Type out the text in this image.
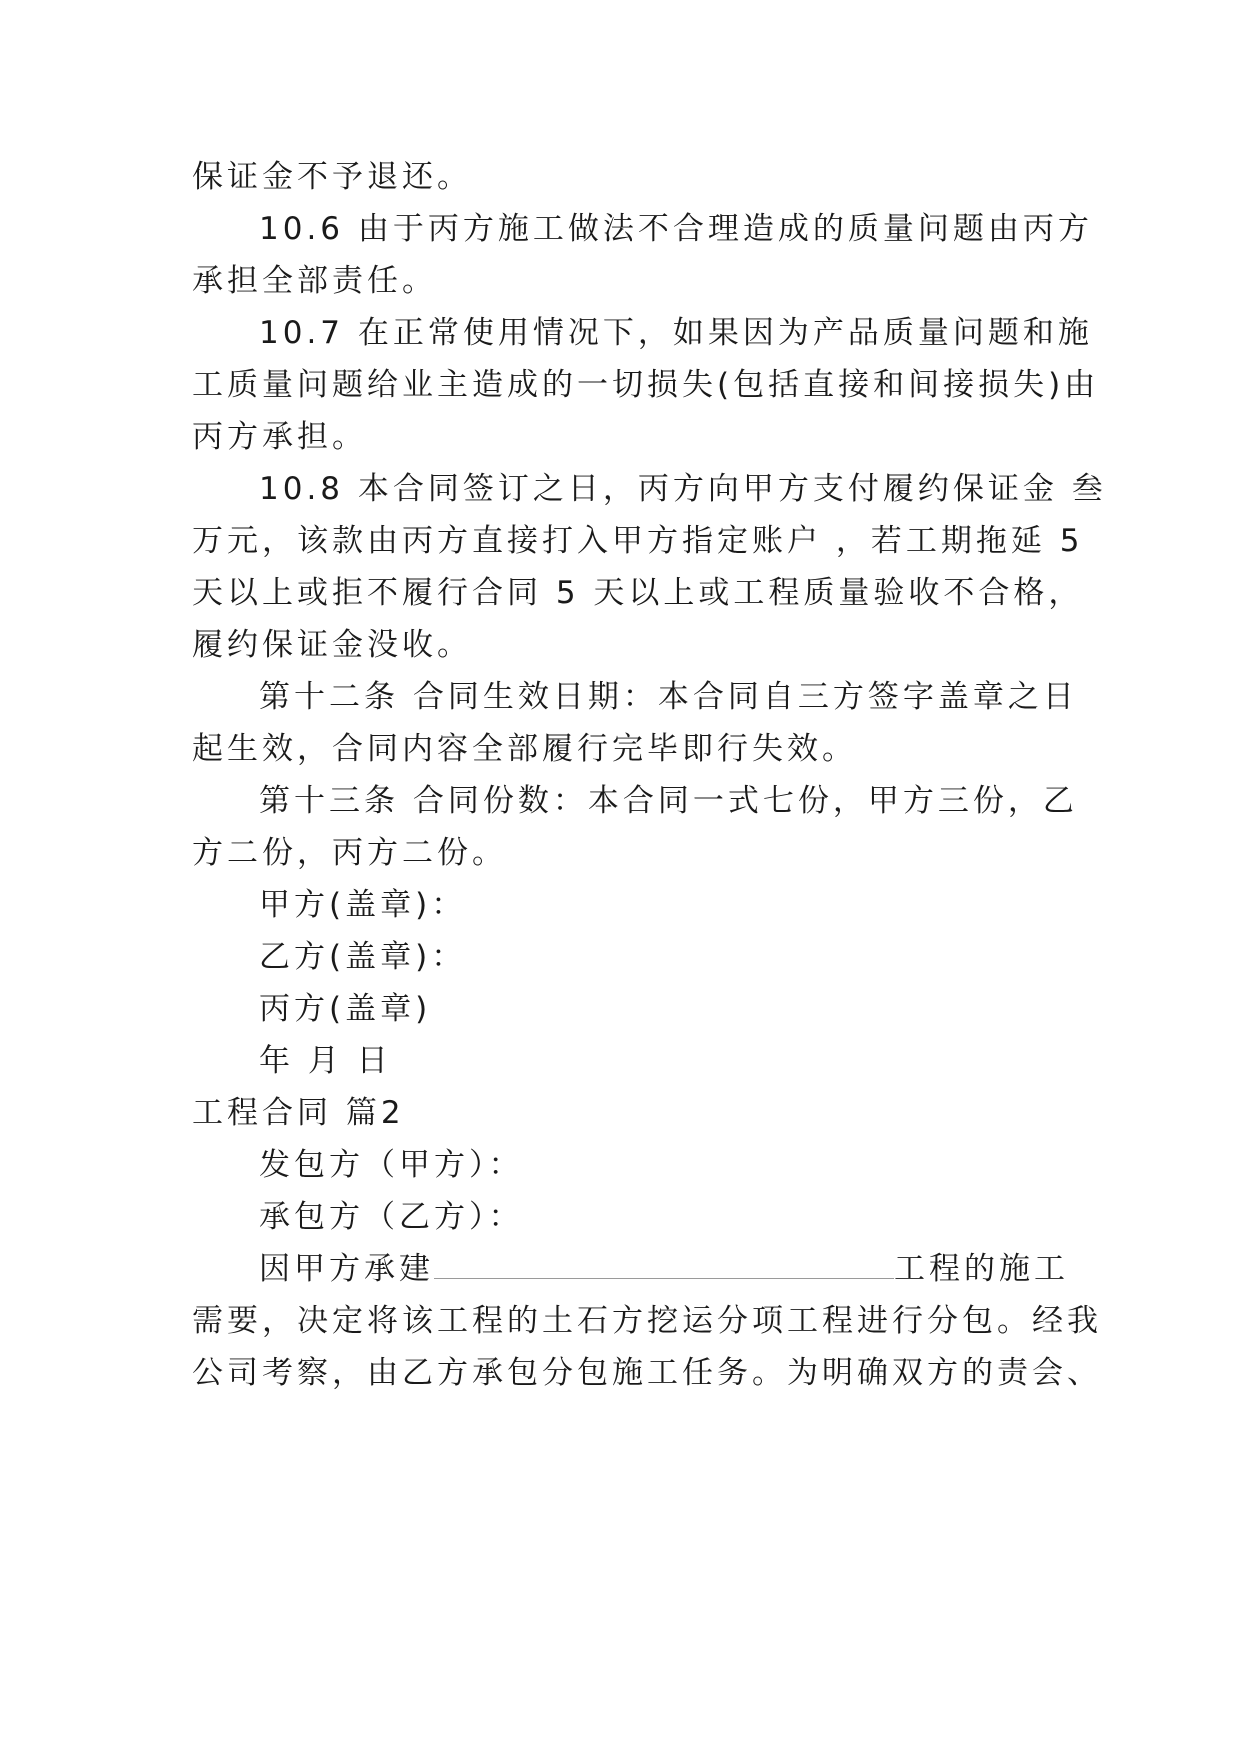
保证金不予退还。
10.6 由于丙方施工做法不合理造成的质量问题由丙方
承担全部责任。
10.7 在正常使用情况下，如果因为产品质量问题和施
工质量问题给业主造成的一切损失(包括直接和间接损失)由
丙方承担。
10.8 本合同签订之日，丙方向甲方支付履约保证金 叁
万元，该款由丙方直接打入甲方指定账户 ，若工期拖延 5
天以上或拒不履行合同 5 天以上或工程质量验收不合格，
履约保证金没收。
第十二条 合同生效日期：本合同自三方签字盖章之日
起生效，合同内容全部履行完毕即行失效。
第十三条 合同份数：本合同一式七份，甲方三份，乙
方二份，丙方二份。
甲方(盖章)：
乙方(盖章)：
丙方(盖章)
年 月 日
工程合同 篇2
发包方（甲方）：
承包方（乙方）：
因甲方承建	工程的施工
需要，决定将该工程的土石方挖运分项工程进行分包。经我
公司考察，由乙方承包分包施工任务。为明确双方的责会、
